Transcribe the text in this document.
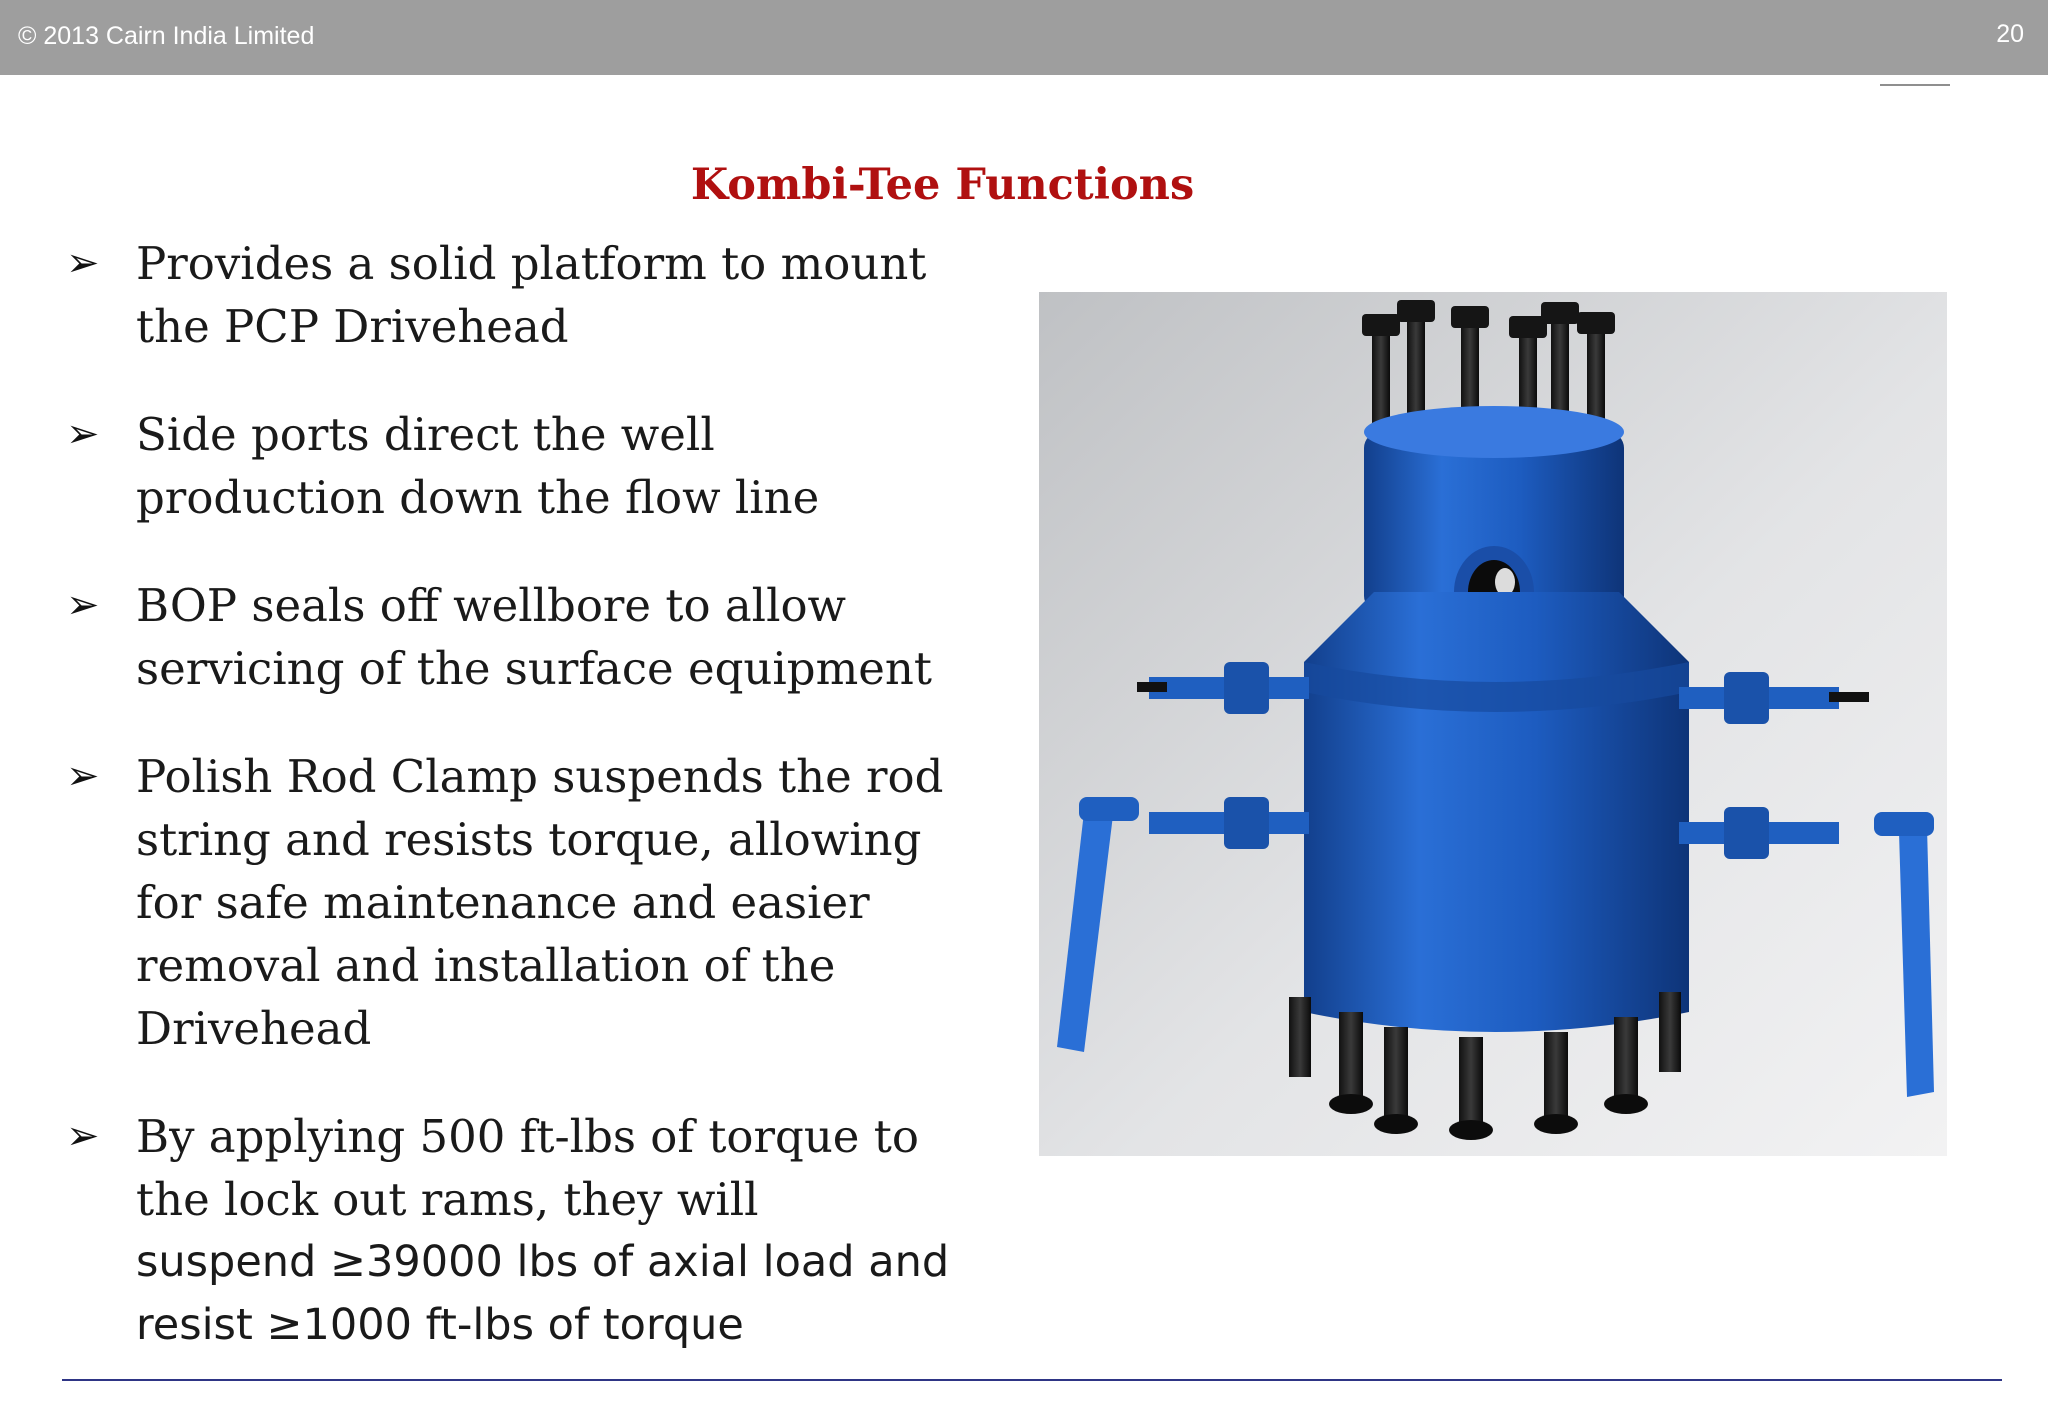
© 2013 Cairn India Limited	20
Kombi-Tee Functions
➢ Provides a solid platform to mount
the PCP Drivehead
➢ Side ports direct the well
production down the flow line
➢ BOP seals off wellbore to allow
servicing of the surface equipment
➢ Polish Rod Clamp suspends the rod
string and resists torque, allowing
for safe maintenance and easier
removal and installation of the
Drivehead
➢ By applying 500 ft-lbs of torque to
the lock out rams, they will
suspend ≥39000 lbs of axial load and
resist ≥1000 ft-lbs of torque
